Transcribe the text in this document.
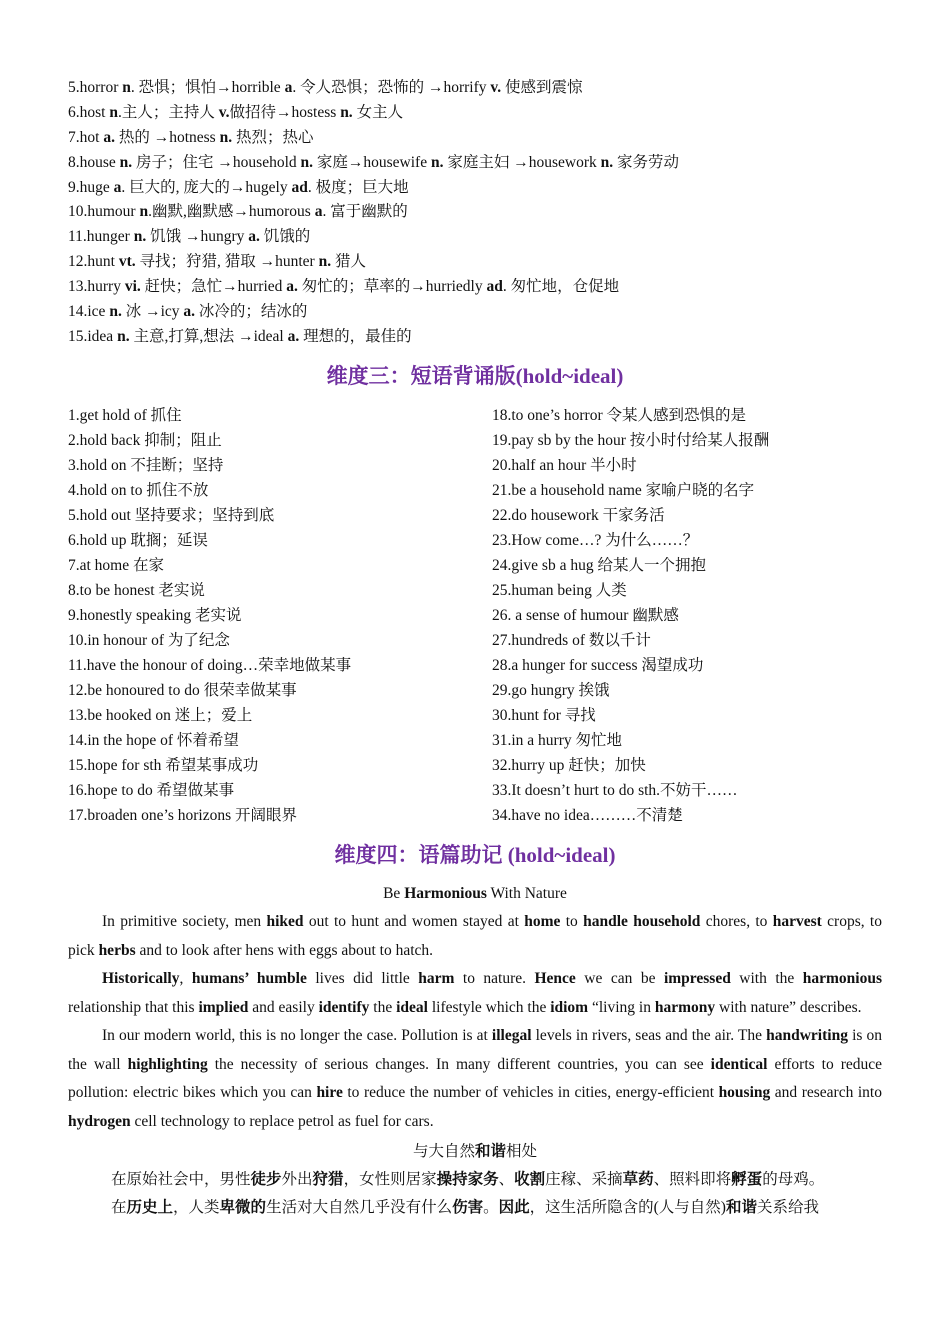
5.horror n. 恐惧；惧怕→horrible a. 令人恐惧；恐怖的 →horrify v. 使感到震惊
6.host n.主人；主持人 v.做招待→hostess n. 女主人
7.hot a. 热的 →hotness n. 热烈；热心
8.house n. 房子；住宅 →household n. 家庭→housewife n. 家庭主妇 →housework n. 家务劳动
9.huge a. 巨大的, 庞大的→hugely ad. 极度；巨大地
10.humour n.幽默,幽默感→humorous a. 富于幽默的
11.hunger n. 饥饿 →hungry a. 饥饿的
12.hunt vt. 寻找；狩猎, 猎取 →hunter n. 猎人
13.hurry vi. 赶快；急忙→hurried a. 匆忙的；草率的→hurriedly ad. 匆忙地，仓促地
14.ice n. 冰 →icy a. 冰冷的；结冰的
15.idea n. 主意,打算,想法 →ideal a. 理想的，最佳的
维度三：短语背诵版(hold~ideal)
1.get hold of 抓住
2.hold back 抑制；阻止
3.hold on 不挂断；坚持
4.hold on to 抓住不放
5.hold out 坚持要求；坚持到底
6.hold up 耽搁；延误
7.at home 在家
8.to be honest 老实说
9.honestly speaking 老实说
10.in honour of 为了纪念
11.have the honour of doing…荣幸地做某事
12.be honoured to do 很荣幸做某事
13.be hooked on 迷上；爱上
14.in the hope of 怀着希望
15.hope for sth 希望某事成功
16.hope to do 希望做某事
17.broaden one’s horizons 开阔眼界
18.to one’s horror 令某人感到恐惧的是
19.pay sb by the hour 按小时付给某人报酬
20.half an hour 半小时
21.be a household name 家喻户晓的名字
22.do housework 干家务活
23.How come…? 为什么……？
24.give sb a hug 给某人一个拥抱
25.human being 人类
26. a sense of humour 幽默感
27.hundreds of 数以千计
28.a hunger for success 渴望成功
29.go hungry 挨饿
30.hunt for 寻找
31.in a hurry 匆忙地
32.hurry up 赶快；加快
33.It doesn’t hurt to do sth.不妨干……
34.have no idea………不清楚
维度四：语篇助记 (hold~ideal)
Be Harmonious With Nature

In primitive society, men hiked out to hunt and women stayed at home to handle household chores, to harvest crops, to pick herbs and to look after hens with eggs about to hatch.

Historically, humans’ humble lives did little harm to nature. Hence we can be impressed with the harmonious relationship that this implied and easily identify the ideal lifestyle which the idiom “living in harmony with nature” describes.

In our modern world, this is no longer the case. Pollution is at illegal levels in rivers, seas and the air. The handwriting is on the wall highlighting the necessity of serious changes. In many different countries, you can see identical efforts to reduce pollution: electric bikes which you can hire to reduce the number of vehicles in cities, energy-efficient housing and research into hydrogen cell technology to replace petrol as fuel for cars.

与大自然和谐相处
在原始社会中，男性徒步外出狩猎，女性则居家操持家务、收割庄稼、采摘草药、照料即将孵蛋的母鸡。
在历史上，人类卑微的生活对大自然几乎没有什么伤害。因此，这生活所隐含的(人与自然)和谐关系给我
